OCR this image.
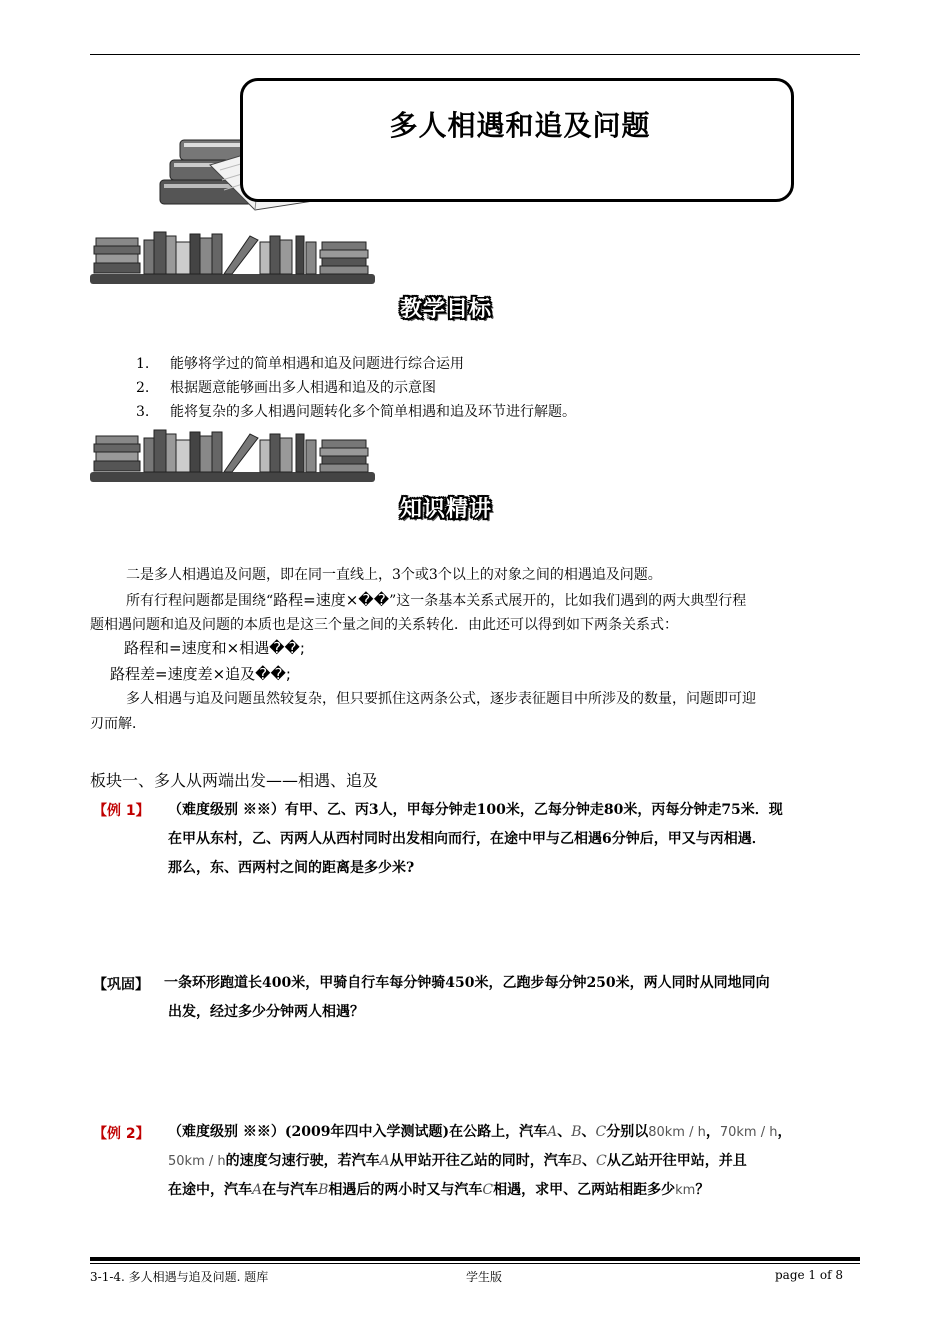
多人相遇和追及问题
教学目标
1. 能够将学过的简单相遇和追及问题进行综合运用
2. 根据题意能够画出多人相遇和追及的示意图
3. 能将复杂的多人相遇问题转化多个简单相遇和追及环节进行解题。
知识精讲
二是多人相遇追及问题，即在同一直线上，3个或3个以上的对象之间的相遇追及问题。
所有行程问题都是围绕“路程=速度×��”这一条基本关系式展开的，比如我们遇到的两大典型行程
题相遇问题和追及问题的本质也是这三个量之间的关系转化．由此还可以得到如下两条关系式：
路程和=速度和×相遇��;
路程差=速度差×追及��;
多人相遇与追及问题虽然较复杂，但只要抓住这两条公式，逐步表征题目中所涉及的数量，问题即可迎
刃而解．
板块一、多人从两端出发——相遇、追及
【例 1】 （难度级别 ※※）有甲、乙、丙3人，甲每分钟走100米，乙每分钟走80米，丙每分钟走75米．现
在甲从东村，乙、丙两人从西村同时出发相向而行，在途中甲与乙相遇6分钟后，甲又与丙相遇．
那么，东、西两村之间的距离是多少米?
【巩固】 一条环形跑道长400米，甲骑自行车每分钟骑450米，乙跑步每分钟250米，两人同时从同地同向
出发，经过多少分钟两人相遇？
【例 2】 （难度级别 ※※）(2009年四中入学测试题)在公路上，汽车A、B、C分别以80km / h，70km / h，
50km / h的速度匀速行驶，若汽车A从甲站开往乙站的同时，汽车B、C从乙站开往甲站，并且
在途中，汽车A在与汽车B相遇后的两小时又与汽车C相遇，求甲、乙两站相距多少km？
3-1-4. 多人相遇与追及问题. 题库	学生版	page 1 of 8
